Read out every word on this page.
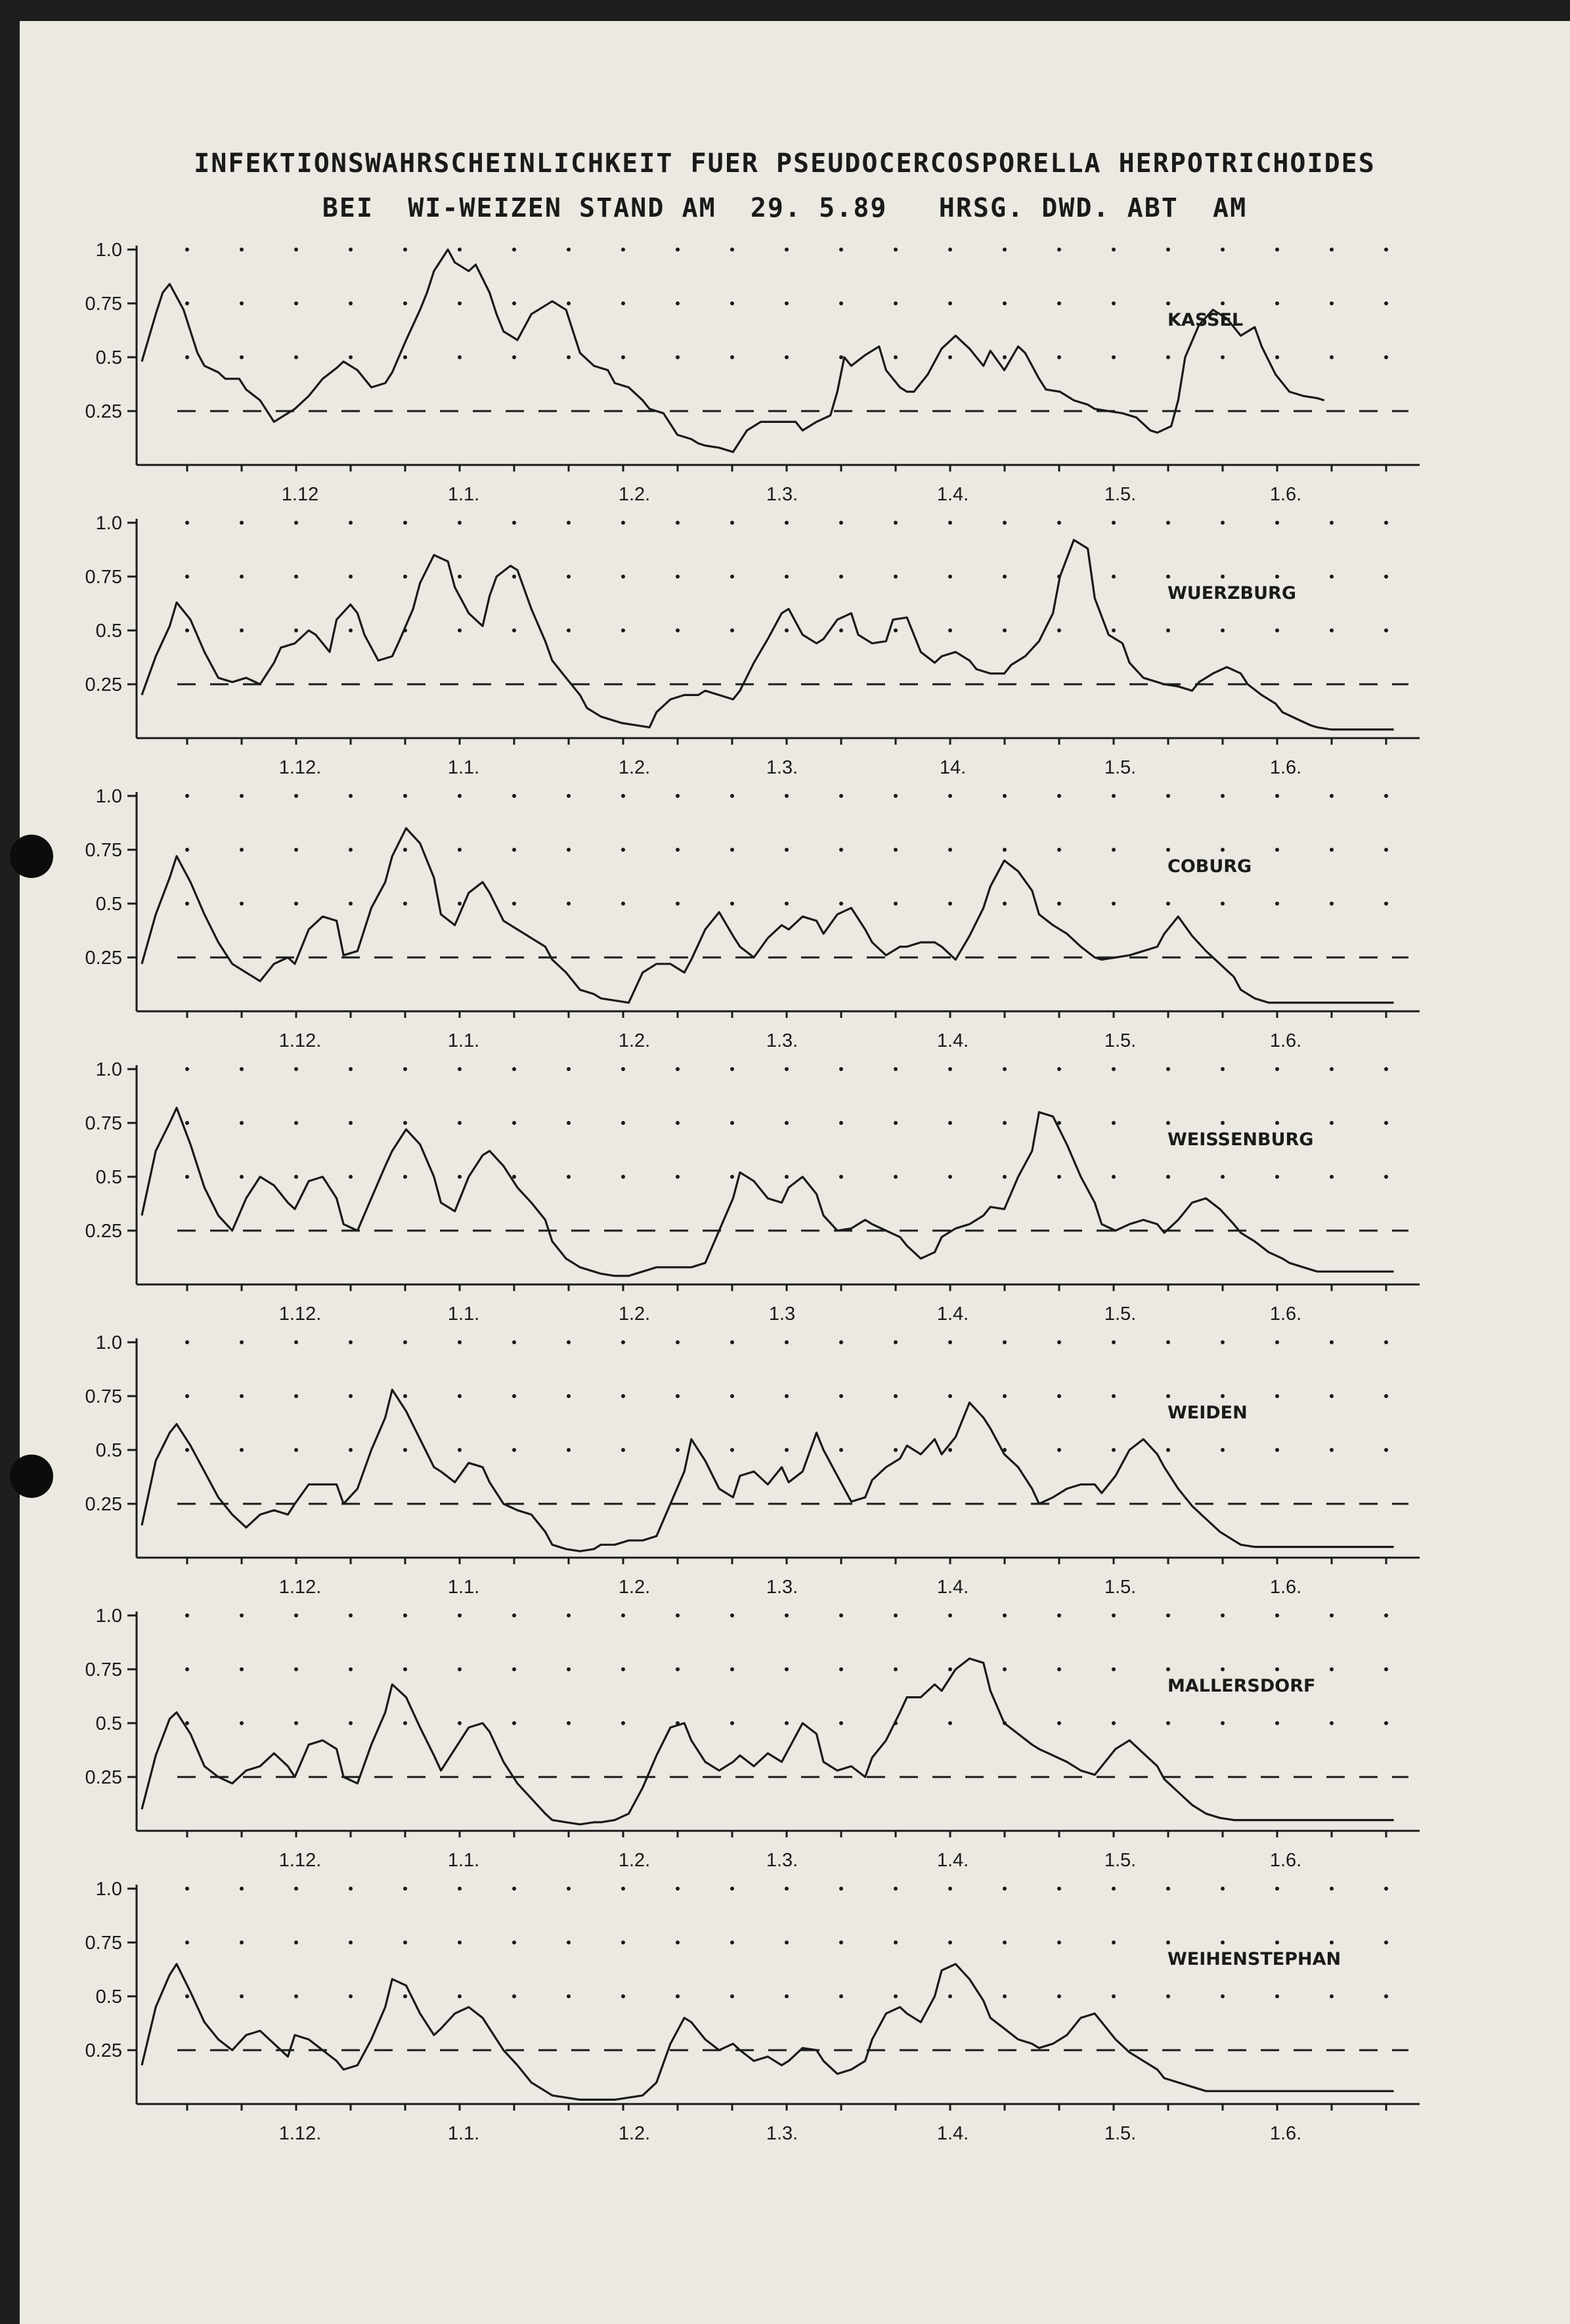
INFEKTIONSWAHRSCHEINLICHKEIT FUER PSEUDOCERCOSPORELLA HERPOTRICHOIDES
BEI  WI-WEIZEN STAND AM  29. 5.89   HRSG. DWD. ABT  AM
1.0
0.75
0.5
0.25
1.12	1.1.	1.2.	1.3.	1.4.	1.5.	1.6.
KASSEL
1.0
0.75
0.5
0.25
1.12.	1.1.	1.2.	1.3.	14.	1.5.	1.6.
WUERZBURG
1.0
0.75
0.5
0.25
1.12.	1.1.	1.2.	1.3.	1.4.	1.5.	1.6.
COBURG
1.0
0.75
0.5
0.25
1.12.	1.1.	1.2.	1.3	1.4.	1.5.	1.6.
WEISSENBURG
1.0
0.75
0.5
0.25
1.12.	1.1.	1.2.	1.3.	1.4.	1.5.	1.6.
WEIDEN
1.0
0.75
0.5
0.25
1.12.	1.1.	1.2.	1.3.	1.4.	1.5.	1.6.
MALLERSDORF
1.0
0.75
0.5
0.25
1.12.	1.1.	1.2.	1.3.	1.4.	1.5.	1.6.
WEIHENSTEPHAN
